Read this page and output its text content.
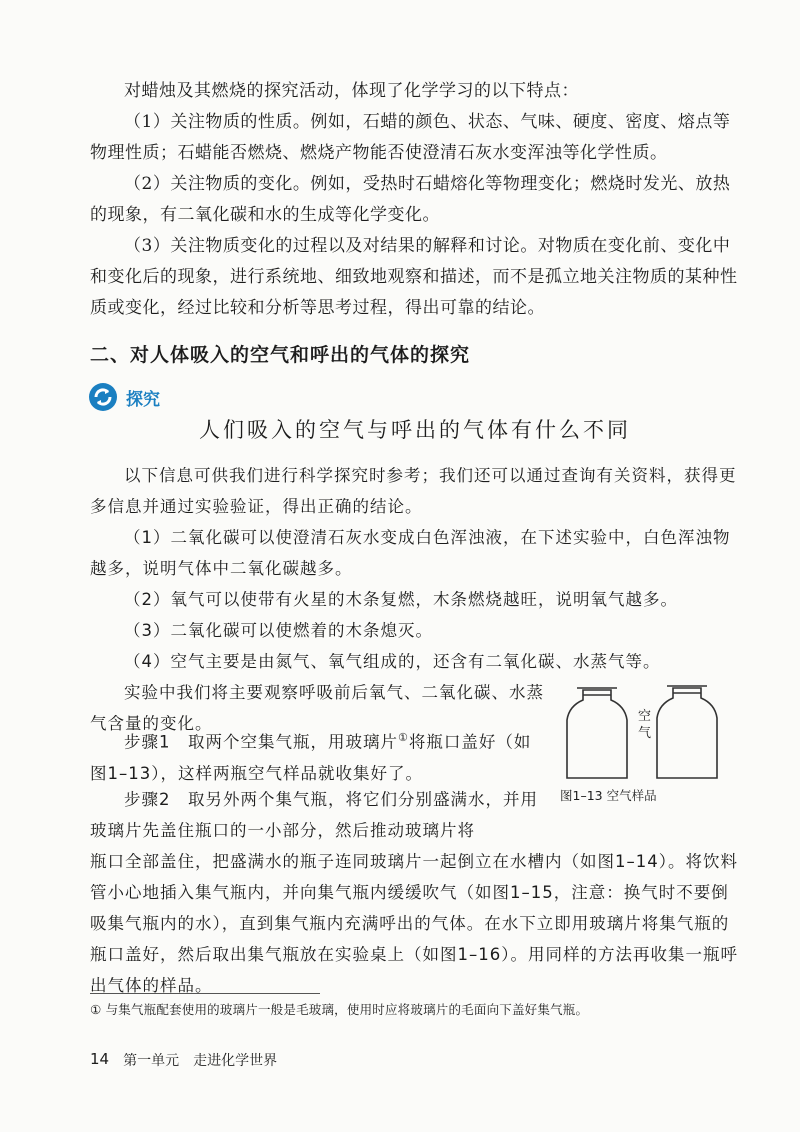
对蜡烛及其燃烧的探究活动，体现了化学学习的以下特点：

（1）关注物质的性质。例如，石蜡的颜色、状态、气味、硬度、密度、熔点等物理性质；石蜡能否燃烧、燃烧产物能否使澄清石灰水变浑浊等化学性质。

（2）关注物质的变化。例如，受热时石蜡熔化等物理变化；燃烧时发光、放热的现象，有二氧化碳和水的生成等化学变化。

（3）关注物质变化的过程以及对结果的解释和讨论。对物质在变化前、变化中和变化后的现象，进行系统地、细致地观察和描述，而不是孤立地关注物质的某种性质或变化，经过比较和分析等思考过程，得出可靠的结论。

二、对人体吸入的空气和呼出的气体的探究
探究
人们吸入的空气与呼出的气体有什么不同

以下信息可供我们进行科学探究时参考；我们还可以通过查询有关资料，获得更多信息并通过实验验证，得出正确的结论。

（1）二氧化碳可以使澄清石灰水变成白色浑浊液，在下述实验中，白色浑浊物越多，说明气体中二氧化碳越多。

（2）氧气可以使带有火星的木条复燃，木条燃烧越旺，说明氧气越多。

（3）二氧化碳可以使燃着的木条熄灭。

（4）空气主要是由氮气、氧气组成的，还含有二氧化碳、水蒸气等。

实验中我们将主要观察呼吸前后氧气、二氧化碳、水蒸气含量的变化。

步骤1　取两个空集气瓶，用玻璃片①将瓶口盖好（如图1–13），这样两瓶空气样品就收集好了。

步骤2　取另外两个集气瓶，将它们分别盛满水，并用玻璃片先盖住瓶口的一小部分，然后推动玻璃片将

瓶口全部盖住，把盛满水的瓶子连同玻璃片一起倒立在水槽内（如图1–14）。将饮料管小心地插入集气瓶内，并向集气瓶内缓缓吹气（如图1–15，注意：换气时不要倒吸集气瓶内的水），直到集气瓶内充满呼出的气体。在水下立即用玻璃片将集气瓶的瓶口盖好，然后取出集气瓶放在实验桌上（如图1–16）。用同样的方法再收集一瓶呼出气体的样品。

空
气
图1–13 空气样品
① 与集气瓶配套使用的玻璃片一般是毛玻璃，使用时应将玻璃片的毛面向下盖好集气瓶。
14 第一单元 走进化学世界
